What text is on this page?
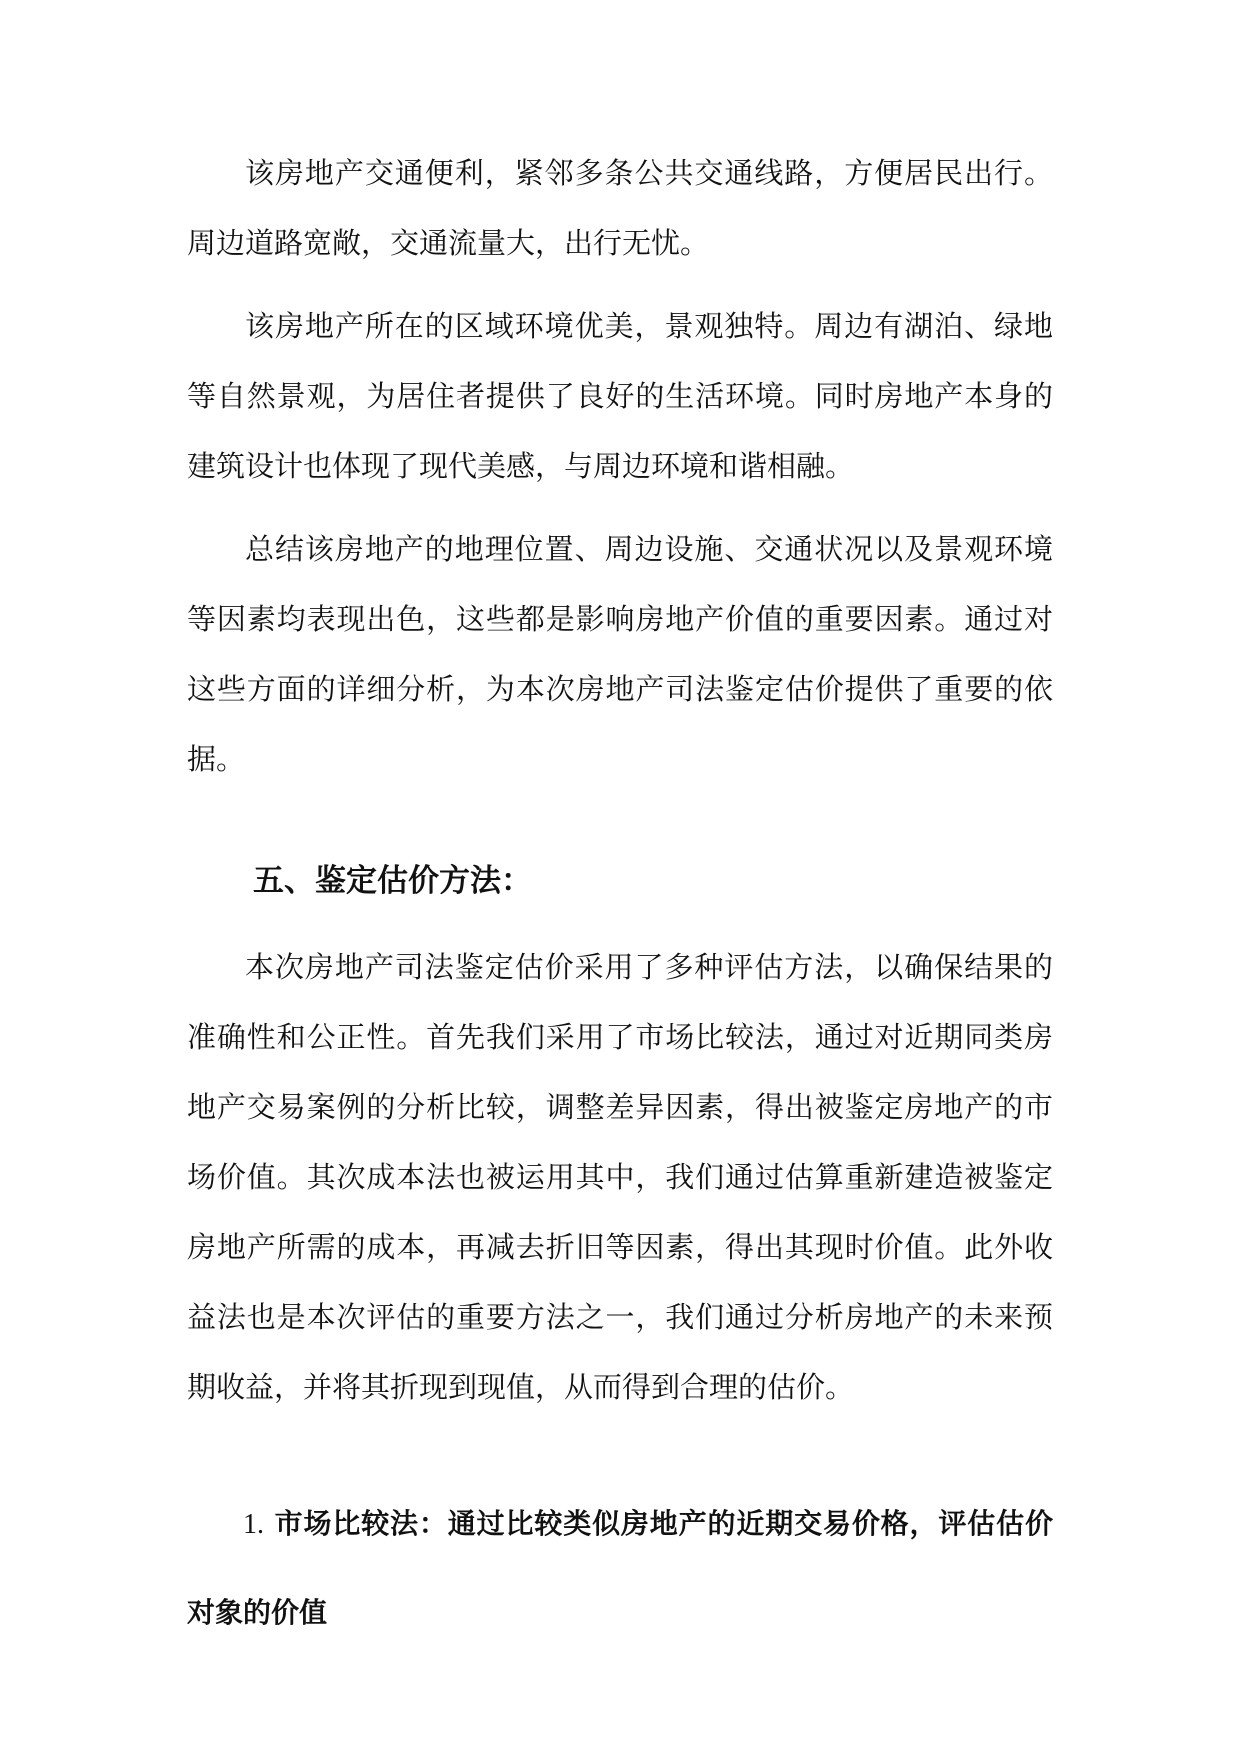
该房地产交通便利，紧邻多条公共交通线路，方便居民出行。周边道路宽敞，交通流量大，出行无忧。

该房地产所在的区域环境优美，景观独特。周边有湖泊、绿地等自然景观，为居住者提供了良好的生活环境。同时房地产本身的建筑设计也体现了现代美感，与周边环境和谐相融。

总结该房地产的地理位置、周边设施、交通状况以及景观环境等因素均表现出色，这些都是影响房地产价值的重要因素。通过对这些方面的详细分析，为本次房地产司法鉴定估价提供了重要的依据。

五、鉴定估价方法：

本次房地产司法鉴定估价采用了多种评估方法，以确保结果的准确性和公正性。首先我们采用了市场比较法，通过对近期同类房地产交易案例的分析比较，调整差异因素，得出被鉴定房地产的市场价值。其次成本法也被运用其中，我们通过估算重新建造被鉴定房地产所需的成本，再减去折旧等因素，得出其现时价值。此外收益法也是本次评估的重要方法之一，我们通过分析房地产的未来预期收益，并将其折现到现值，从而得到合理的估价。

1. 市场比较法：通过比较类似房地产的近期交易价格，评估估价对象的价值
